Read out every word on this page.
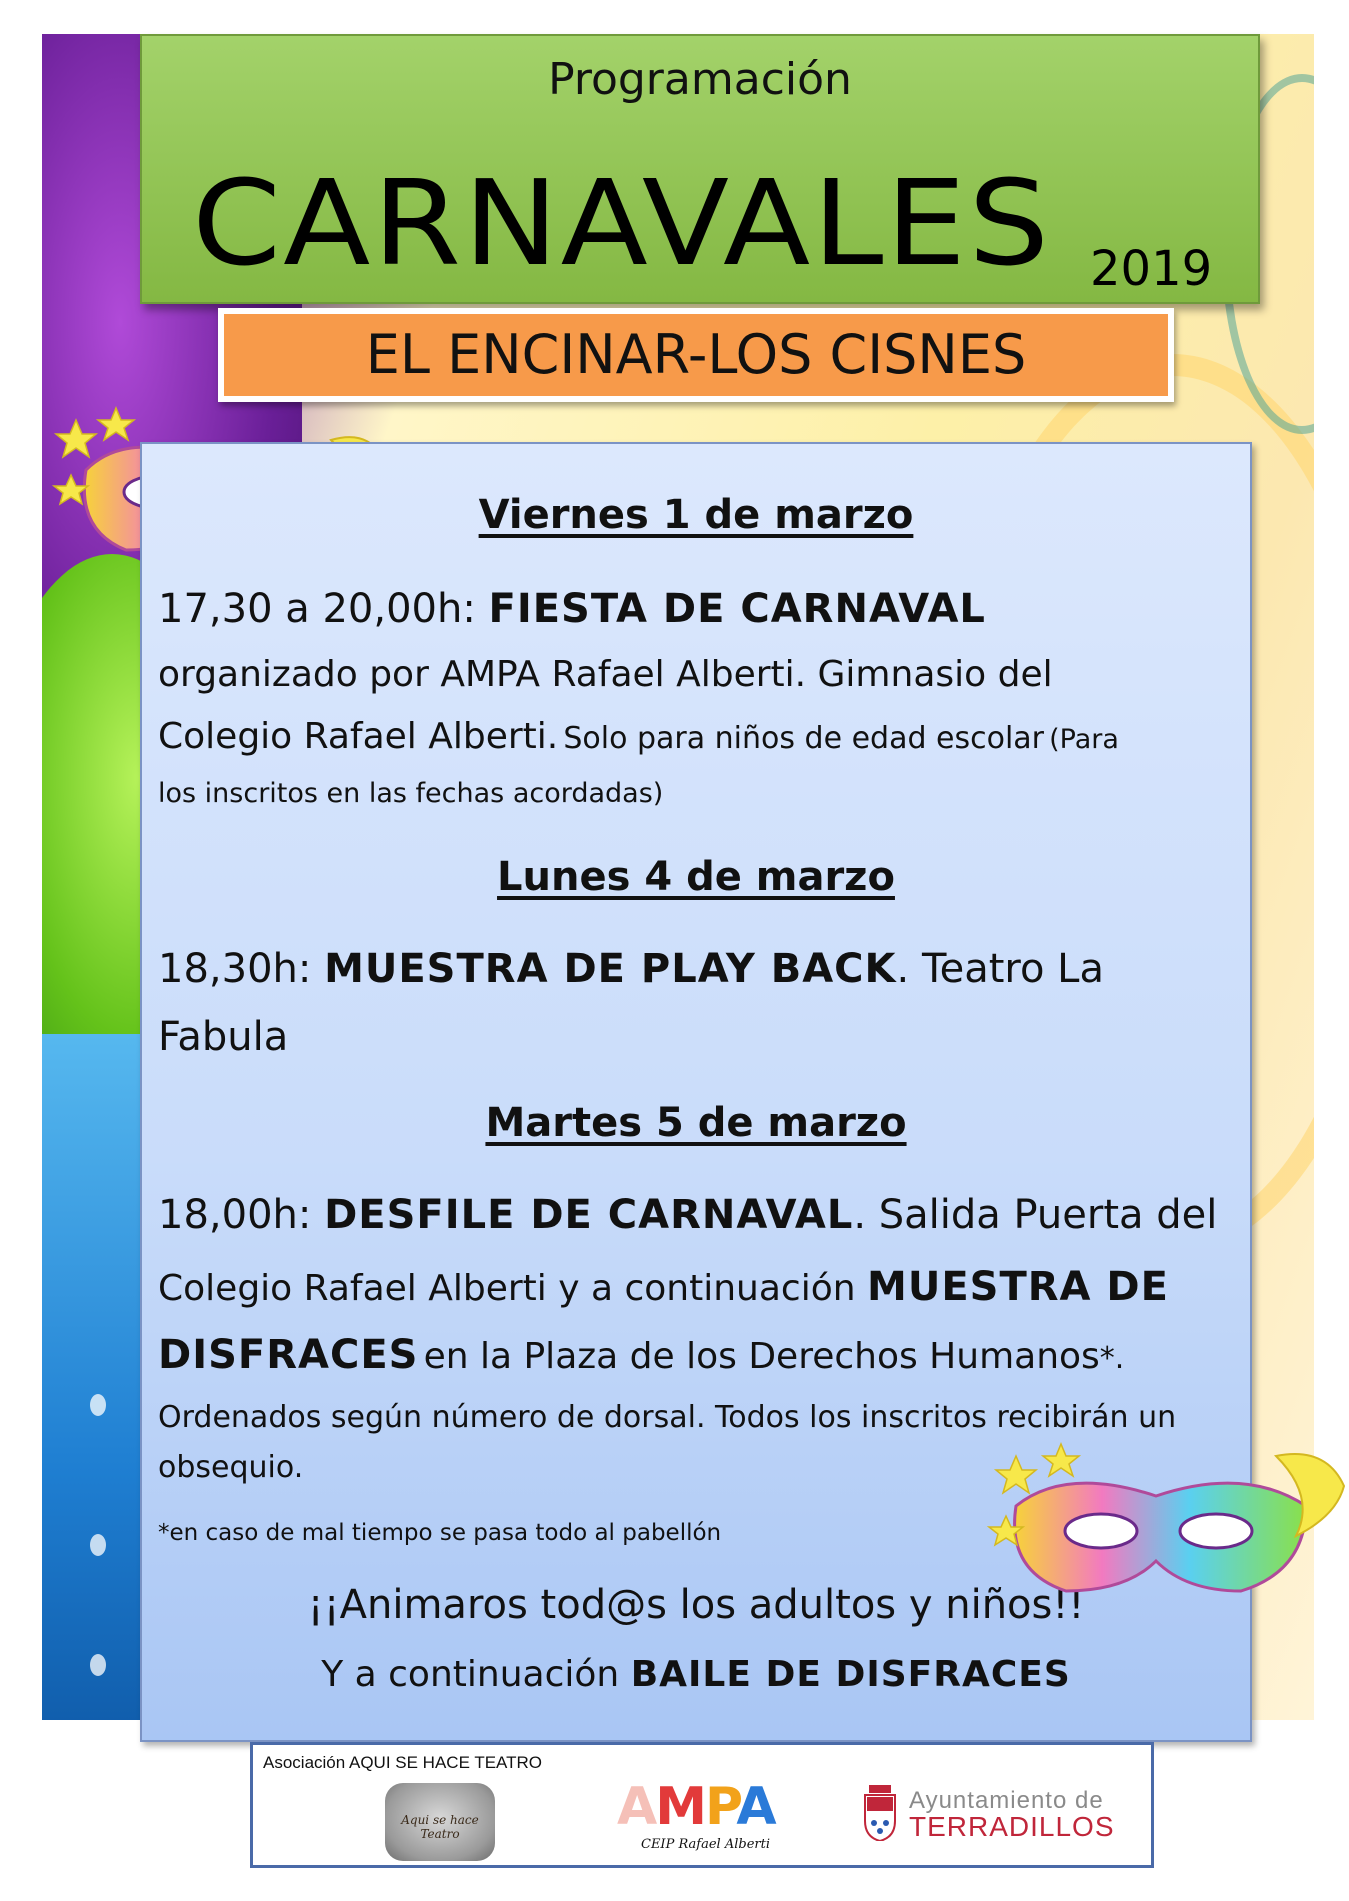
Programación
CARNAVALES 2019
EL ENCINAR-LOS CISNES
Viernes 1 de marzo
17,30 a 20,00h: FIESTA DE CARNAVAL
organizado por AMPA Rafael Alberti. Gimnasio del
Colegio Rafael Alberti. Solo para niños de edad escolar (Para
los inscritos en las fechas acordadas)
Lunes 4 de marzo
18,30h: MUESTRA DE PLAY BACK. Teatro La
Fabula
Martes 5 de marzo
18,00h: DESFILE DE CARNAVAL. Salida Puerta del
Colegio Rafael Alberti y a continuación MUESTRA DE
DISFRACES en la Plaza de los Derechos Humanos*.
Ordenados según número de dorsal. Todos los inscritos recibirán un
obsequio.
*en caso de mal tiempo se pasa todo al pabellón
¡¡Animaros tod@s los adultos y niños!!
Y a continuación BAILE DE DISFRACES
Asociación AQUI SE HACE TEATRO
Aqui se hace Teatro	AMPA
CEIP Rafael Alberti
Ayuntamiento de
TERRADILLOS
